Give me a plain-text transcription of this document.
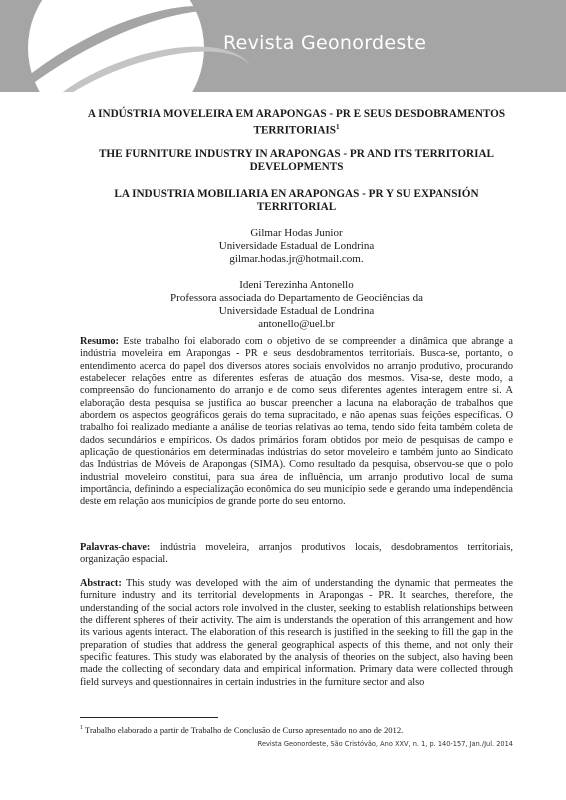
Revista Geonordeste
A INDÚSTRIA MOVELEIRA EM ARAPONGAS - PR E SEUS DESDOBRAMENTOS TERRITORIAIS$^1$
THE FURNITURE INDUSTRY IN ARAPONGAS - PR AND ITS TERRITORIAL DEVELOPMENTS
LA INDUSTRIA MOBILIARIA EN ARAPONGAS - PR Y SU EXPANSIÓN TERRITORIAL
Gilmar Hodas Junior
Universidade Estadual de Londrina
gilmar.hodas.jr@hotmail.com.
Ideni Terezinha Antonello
Professora associada do Departamento de Geociências da
Universidade Estadual de Londrina
antonello@uel.br

Resumo: Este trabalho foi elaborado com o objetivo de se compreender a dinâmica que abrange a indústria moveleira em Arapongas - PR e seus desdobramentos territoriais. Busca-se, portanto, o entendimento acerca do papel dos diversos atores sociais envolvidos no arranjo produtivo, procurando estabelecer relações entre as diferentes esferas de atuação dos mesmos. Visa-se, deste modo, a compreensão do funcionamento do arranjo e de como seus diferentes agentes interagem entre si. A elaboração desta pesquisa se justifica ao buscar preencher a lacuna na elaboração de trabalhos que abordem os aspectos geográficos gerais do tema supracitado, e não apenas suas feições específicas. O trabalho foi realizado mediante a análise de teorias relativas ao tema, tendo sido feita também coleta de dados secundários e empíricos. Os dados primários foram obtidos por meio de pesquisas de campo e aplicação de questionários em determinadas indústrias do setor moveleiro e também junto ao Sindicato das Indústrias de Móveis de Arapongas (SIMA). Como resultado da pesquisa, observou-se que o polo industrial moveleiro constitui, para sua área de influência, um arranjo produtivo local de suma importância, definindo a especialização econômica do seu município sede e gerando uma independência deste em relação aos municípios de grande porte do seu entorno.

Palavras-chave: indústria moveleira, arranjos produtivos locais, desdobramentos territoriais, organização espacial.

Abstract: This study was developed with the aim of understanding the dynamic that permeates the furniture industry and its territorial developments in Arapongas - PR. It searches, therefore, the understanding of the social actors role involved in the cluster, seeking to establish relationships between the different spheres of their activity. The aim is understands the operation of this arrangement and how its various agents interact. The elaboration of this research is justified in the seeking to fill the gap in the preparation of studies that address the general geographical aspects of this theme, and not only their specific features. This study was elaborated by the analysis of theories on the subject, also having been made the collecting of secondary data and empirical information. Primary data were collected through field surveys and questionnaires in certain industries in the furniture sector and also

$^1$ Trabalho elaborado a partir de Trabalho de Conclusão de Curso apresentado no ano de 2012.
Revista Geonordeste, São Cristóvão, Ano XXV, n. 1, p. 140-157, Jan./Jul. 2014
